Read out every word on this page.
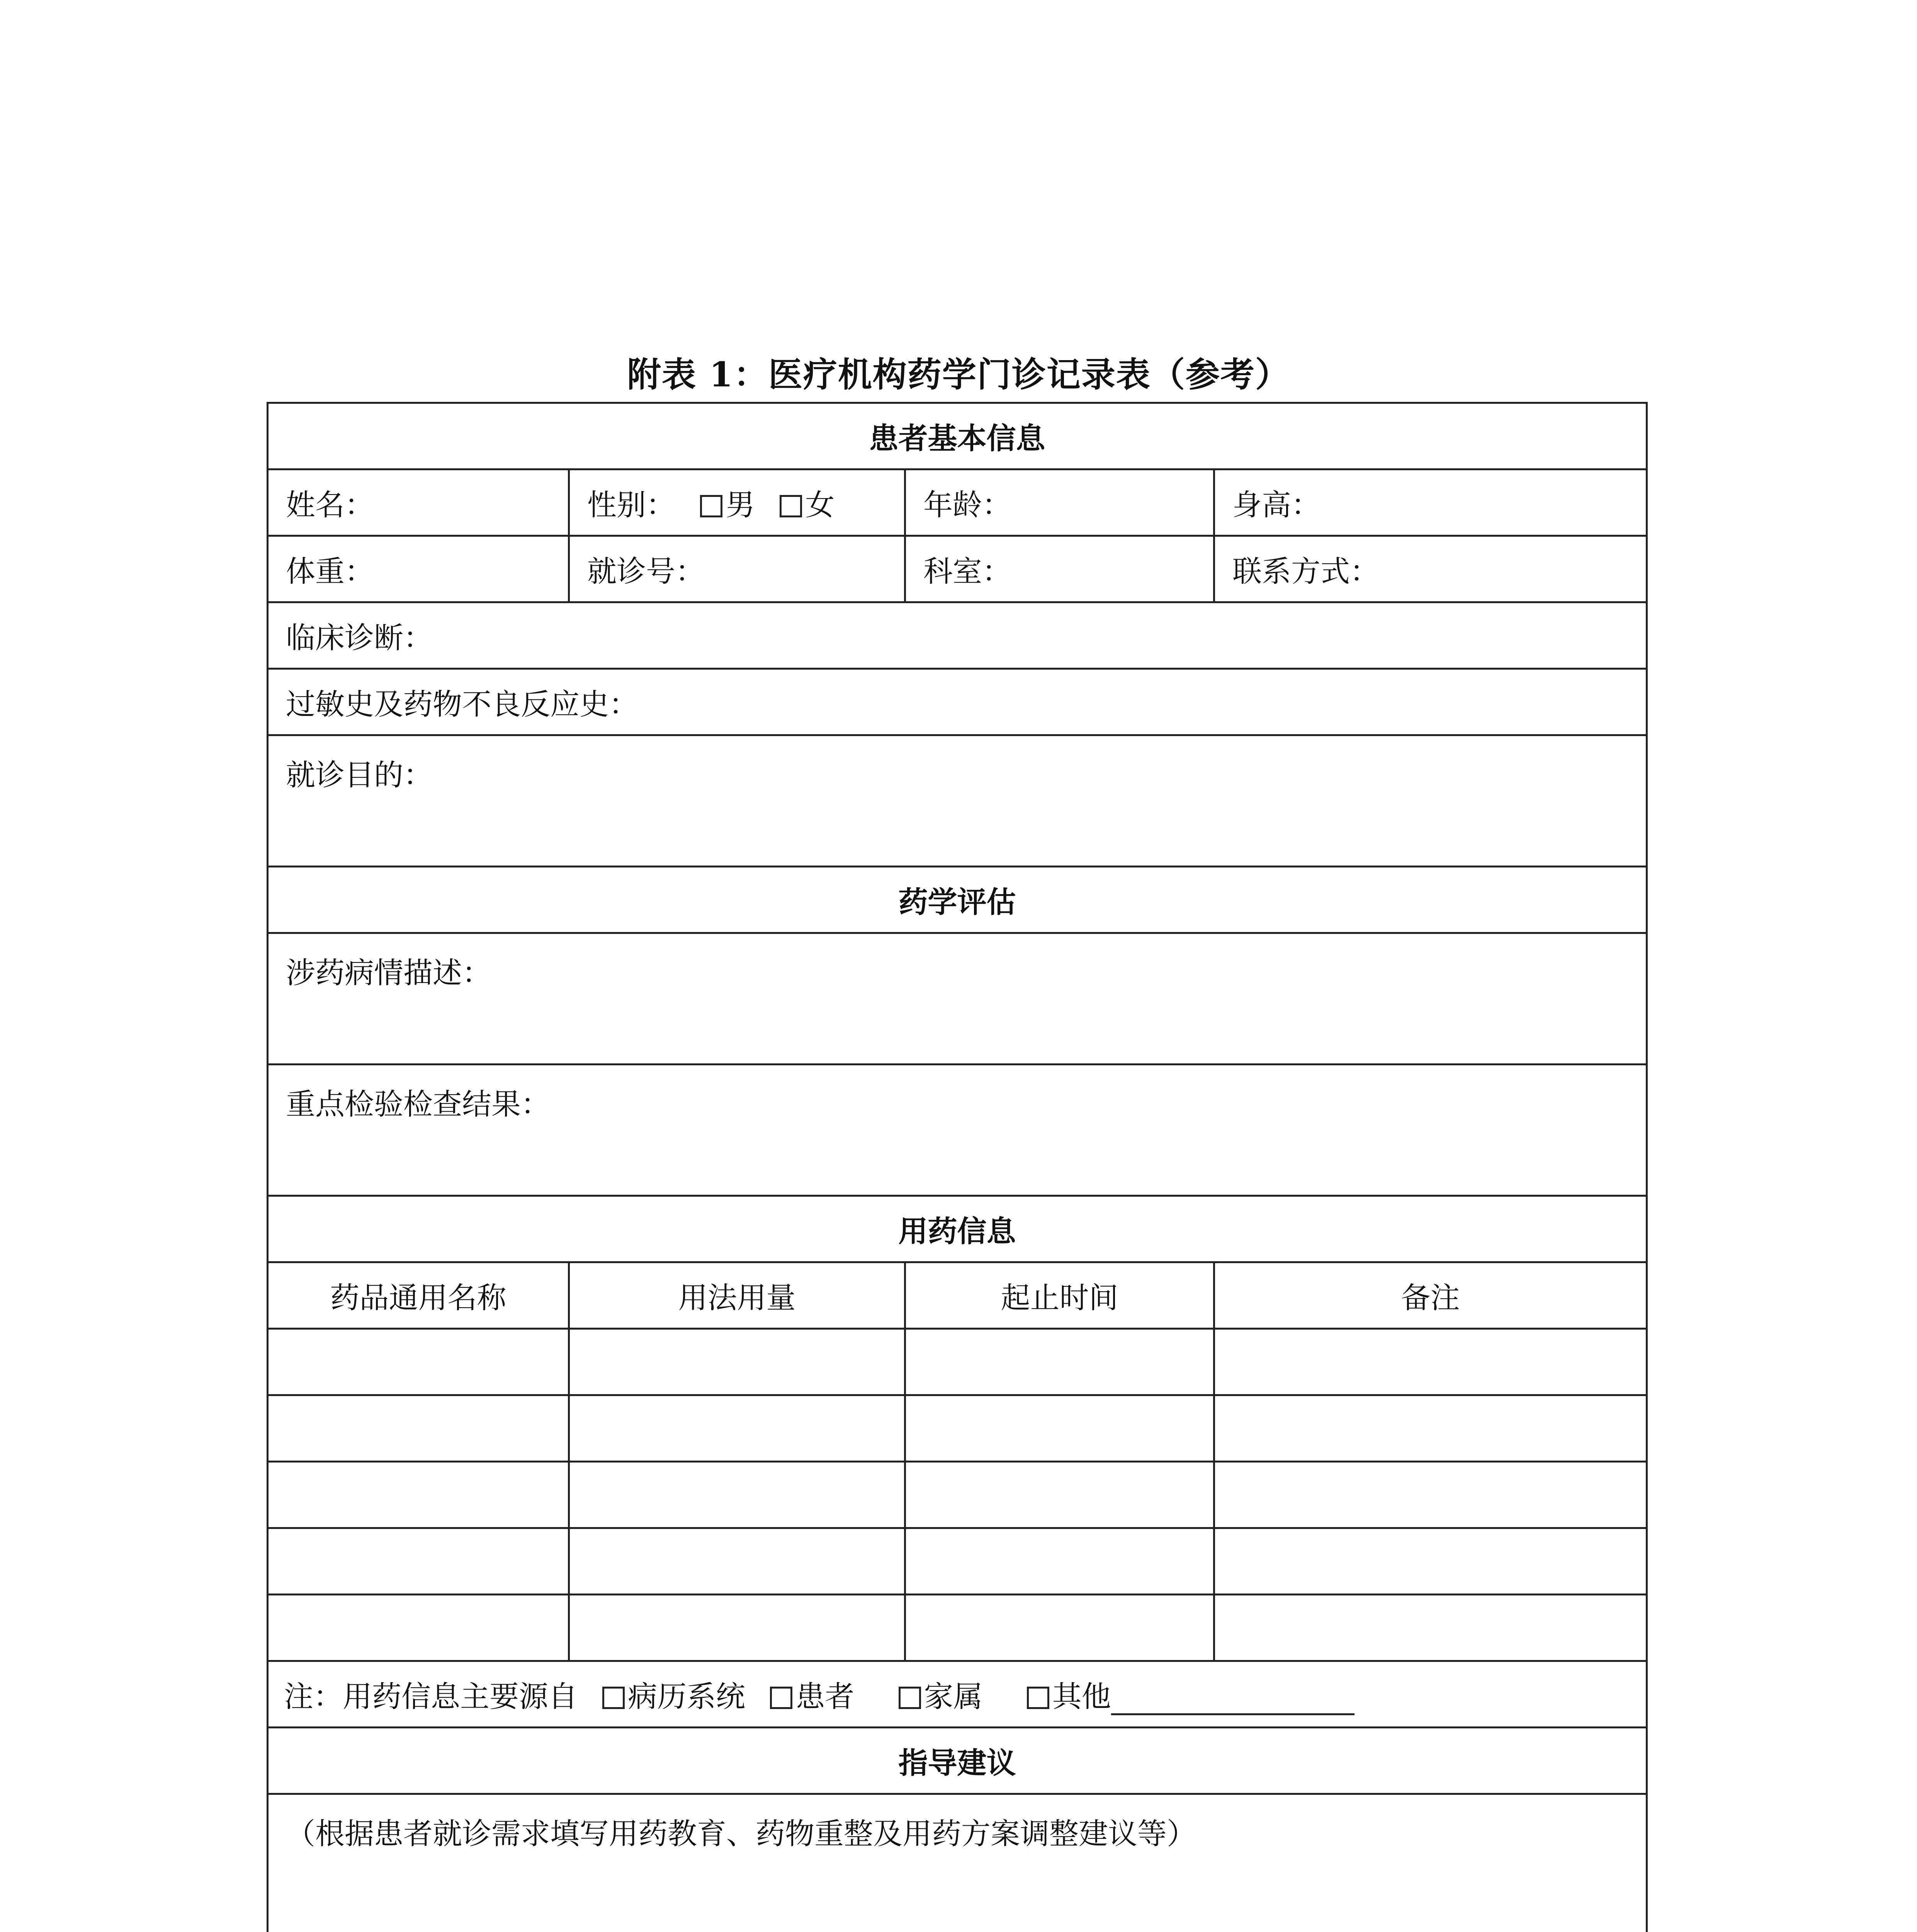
附表 1：医疗机构药学门诊记录表（参考）
患者基本信息			
姓名：	性别： 男 女	年龄：	身高：
体重：	就诊号：	科室：	联系方式：
临床诊断：			
过敏史及药物不良反应史：			
就诊目的：			
药学评估			
涉药病情描述：			
重点检验检查结果：			
用药信息			
药品通用名称	用法用量	起止时间	备注

注：用药信息主要源自 病历系统 患者 家属 其他			
指导建议			
（根据患者就诊需求填写用药教育、药物重整及用药方案调整建议等）			
